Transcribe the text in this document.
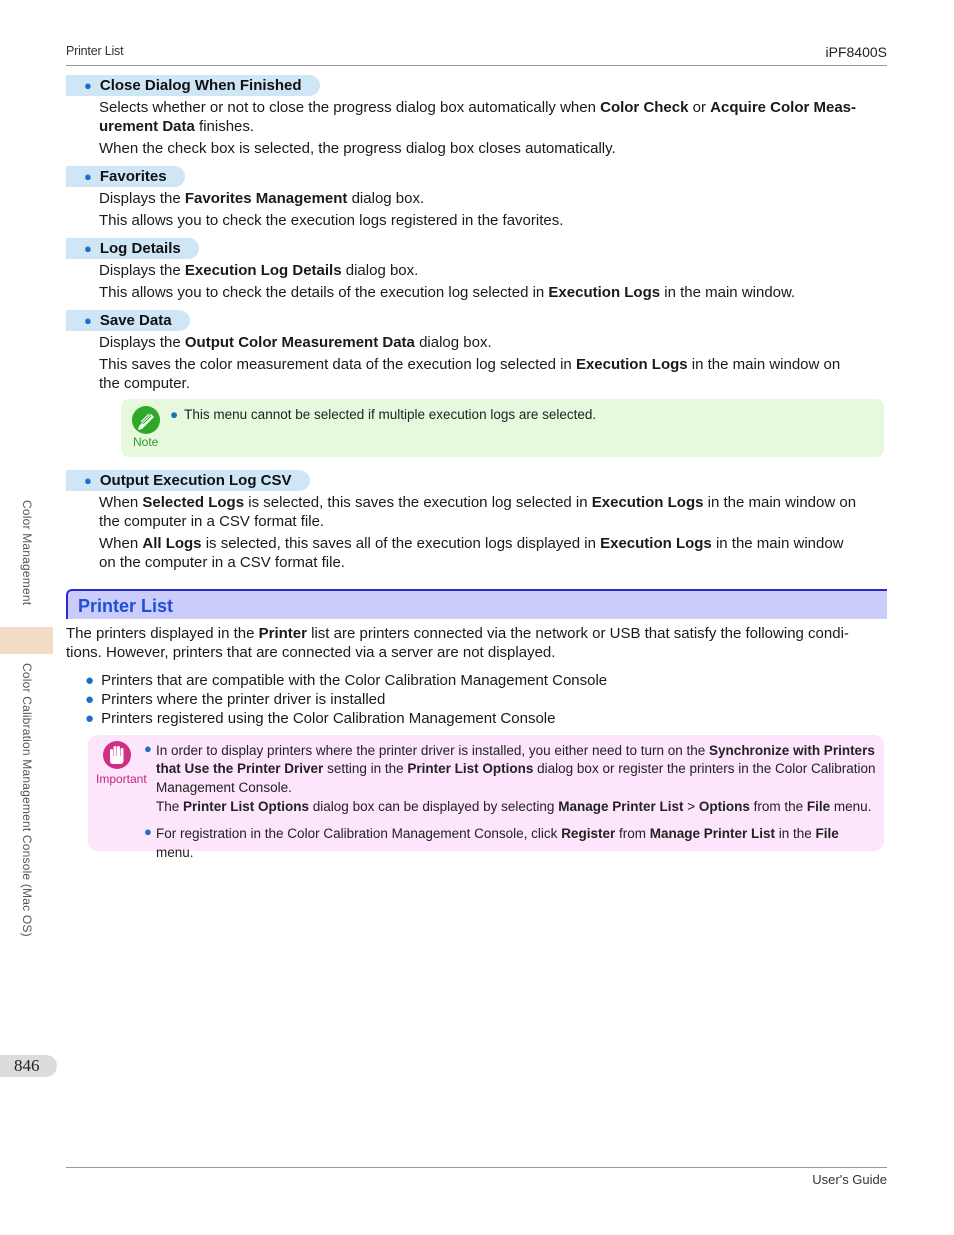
Printer List	iPF8400S
● Close Dialog When Finished
Selects whether or not to close the progress dialog box automatically when Color Check or Acquire Color Meas-
urement Data finishes.
When the check box is selected, the progress dialog box closes automatically.
● Favorites
Displays the Favorites Management dialog box.
This allows you to check the execution logs registered in the favorites.
● Log Details
Displays the Execution Log Details dialog box.
This allows you to check the details of the execution log selected in Execution Logs in the main window.
● Save Data
Displays the Output Color Measurement Data dialog box.
This saves the color measurement data of the execution log selected in Execution Logs in the main window on
the computer.
Note
● This menu cannot be selected if multiple execution logs are selected.
● Output Execution Log CSV
When Selected Logs is selected, this saves the execution log selected in Execution Logs in the main window on
the computer in a CSV format file.
When All Logs is selected, this saves all of the execution logs displayed in Execution Logs in the main window
on the computer in a CSV format file.
Printer List
The printers displayed in the Printer list are printers connected via the network or USB that satisfy the following condi-
tions. However, printers that are connected via a server are not displayed.
● Printers that are compatible with the Color Calibration Management Console
● Printers where the printer driver is installed
● Printers registered using the Color Calibration Management Console
Important
● In order to display printers where the printer driver is installed, you either need to turn on the Synchronize with Printers
that Use the Printer Driver setting in the Printer List Options dialog box or register the printers in the Color Calibration
Management Console.
The Printer List Options dialog box can be displayed by selecting Manage Printer List > Options from the File menu.
● For registration in the Color Calibration Management Console, click Register from Manage Printer List in the File menu.
Color Management
Color Calibration Management Console (Mac OS)
846
User's Guide
